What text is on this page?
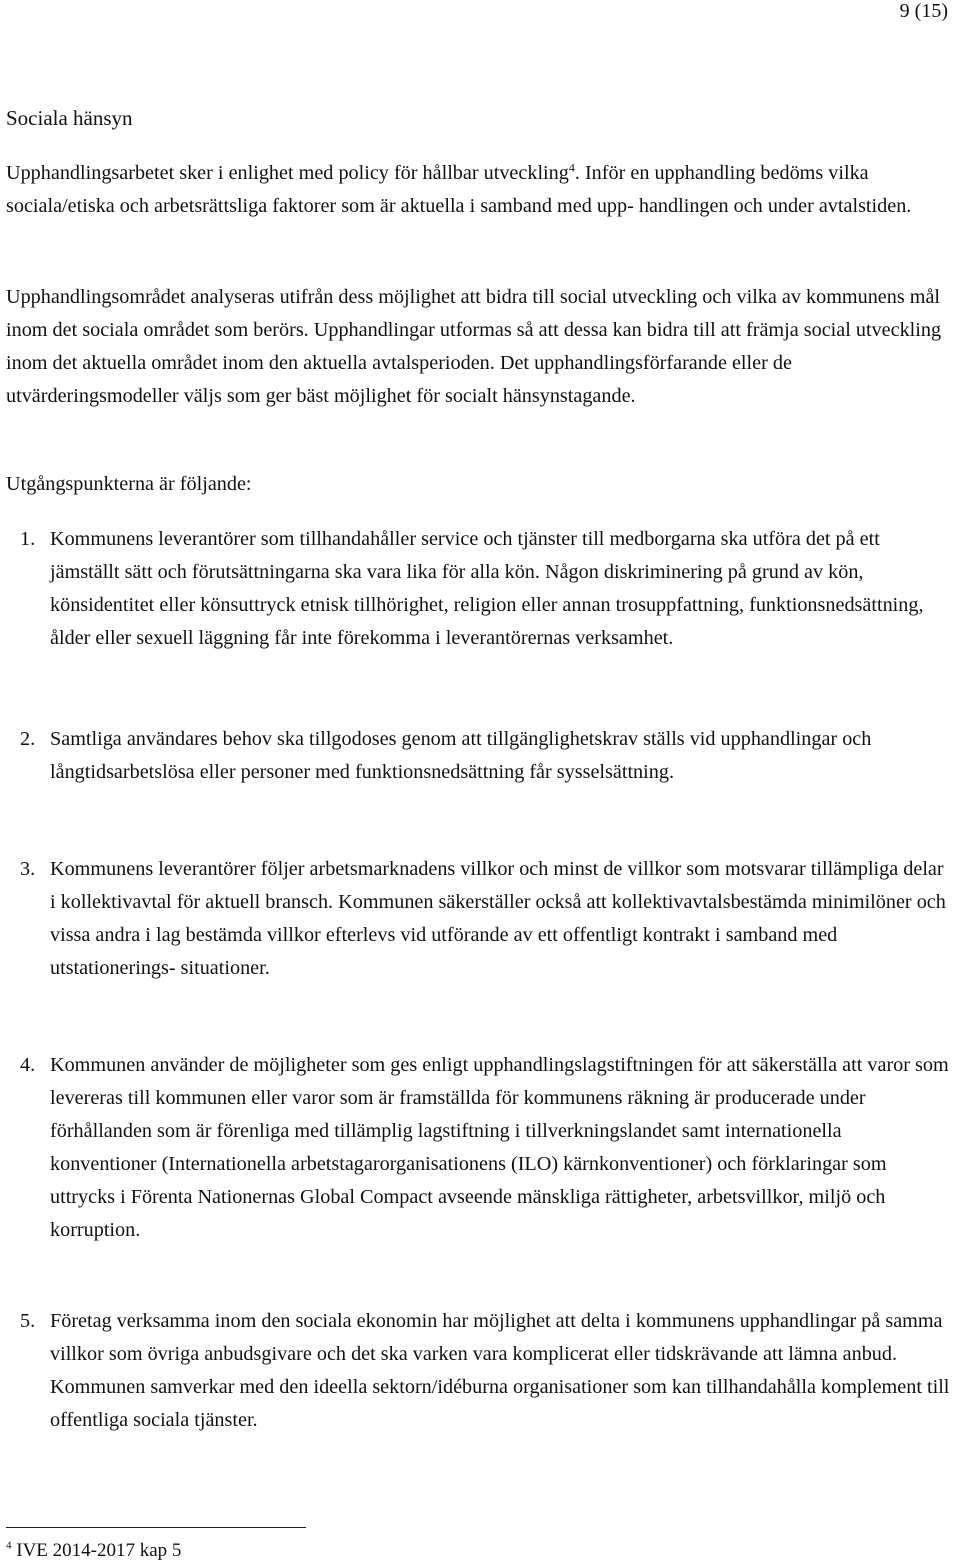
9 (15)
Sociala hänsyn

Upphandlingsarbetet sker i enlighet med policy för hållbar utveckling$^4$. Inför en upphandling bedöms vilka sociala/etiska och arbetsrättsliga faktorer som är aktuella i samband med upp- handlingen och under avtalstiden.

Upphandlingsområdet analyseras utifrån dess möjlighet att bidra till social utveckling och vilka av kommunens mål inom det sociala området som berörs. Upphandlingar utformas så att dessa kan bidra till att främja social utveckling inom det aktuella området inom den aktuella avtalsperioden. Det upphandlingsförfarande eller de utvärderingsmodeller väljs som ger bäst möjlighet för socialt hänsynstagande.

Utgångspunkterna är följande:

1. Kommunens leverantörer som tillhandahåller service och tjänster till medborgarna ska utföra det på ett jämställt sätt och förutsättningarna ska vara lika för alla kön. Någon diskriminering på grund av kön, könsidentitet eller könsuttryck etnisk tillhörighet, religion eller annan trosuppfattning, funktionsnedsättning, ålder eller sexuell läggning får inte förekomma i leverantörernas verksamhet.
2. Samtliga användares behov ska tillgodoses genom att tillgänglighetskrav ställs vid upphandlingar och långtidsarbetslösa eller personer med funktionsnedsättning får sysselsättning.
3. Kommunens leverantörer följer arbetsmarknadens villkor och minst de villkor som motsvarar tillämpliga delar i kollektivavtal för aktuell bransch. Kommunen säkerställer också att kollektivavtalsbestämda minimilöner och vissa andra i lag bestämda villkor efterlevs vid utförande av ett offentligt kontrakt i samband med utstationerings- situationer.
4. Kommunen använder de möjligheter som ges enligt upphandlingslagstiftningen för att säkerställa att varor som levereras till kommunen eller varor som är framställda för kommunens räkning är producerade under förhållanden som är förenliga med tillämplig lagstiftning i tillverkningslandet samt internationella konventioner (Internationella arbetstagarorganisationens (ILO) kärnkonventioner) och förklaringar som uttrycks i Förenta Nationernas Global Compact avseende mänskliga rättigheter, arbetsvillkor, miljö och korruption.
5. Företag verksamma inom den sociala ekonomin har möjlighet att delta i kommunens upphandlingar på samma villkor som övriga anbudsgivare och det ska varken vara komplicerat eller tidskrävande att lämna anbud. Kommunen samverkar med den ideella sektorn/idéburna organisationer som kan tillhandahålla komplement till offentliga sociala tjänster.
$^4$ IVE 2014-2017 kap 5
